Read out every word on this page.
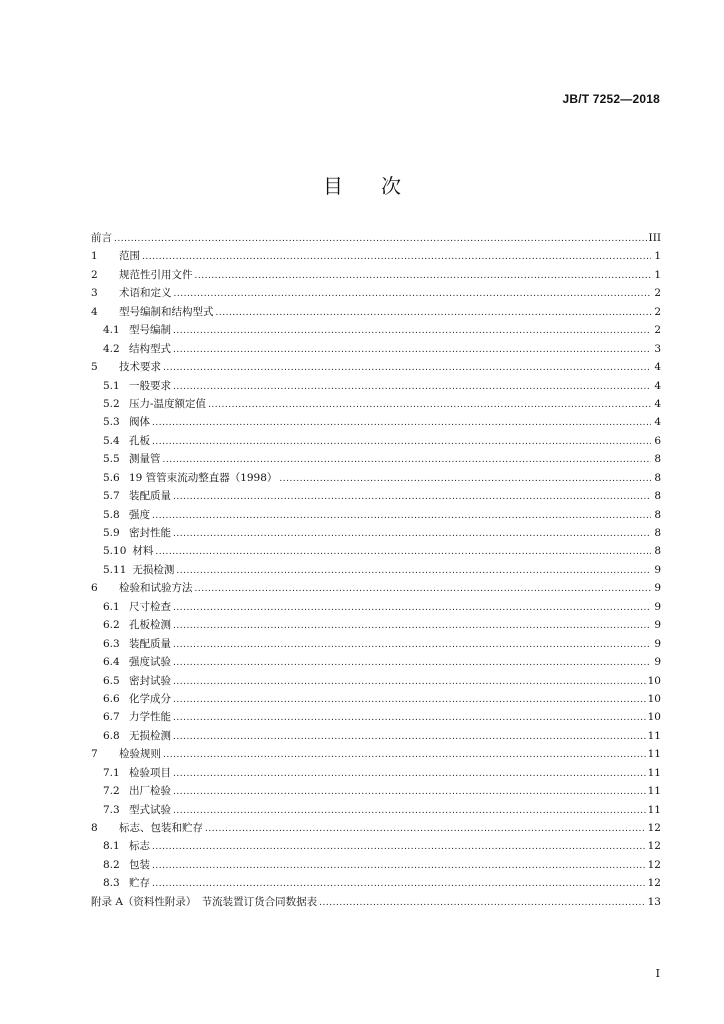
JB/T 7252—2018
目次
前言 .....	III
1	范围 .....	1
2	规范性引用文件 .....	1
3	术语和定义 .....	2
4	型号编制和结构型式 .....	2
4.1 型号编制 .....	2
4.2 结构型式 .....	3
5	技术要求 .....	4
5.1 一般要求 .....	4
5.2 压力-温度额定值 .....	4
5.3 阀体 .....	4
5.4 孔板 .....	6
5.5 测量管 .....	8
5.6 19 管管束流动整直器（1998） .....	8
5.7 装配质量 .....	8
5.8 强度 .....	8
5.9 密封性能 .....	8
5.10 材料 .....	8
5.11 无损检测 .....	9
6	检验和试验方法 .....	9
6.1 尺寸检查 .....	9
6.2 孔板检测 .....	9
6.3 装配质量 .....	9
6.4 强度试验 .....	9
6.5 密封试验 .....	10
6.6 化学成分 .....	10
6.7 力学性能 .....	10
6.8 无损检测 .....	11
7	检验规则 .....	11
7.1 检验项目 .....	11
7.2 出厂检验 .....	11
7.3 型式试验 .....	11
8	标志、包装和贮存 .....	12
8.1 标志 .....	12
8.2 包装 .....	12
8.3 贮存 .....	12
附录 A（资料性附录）　节流装置订货合同数据表 .....	13
I
